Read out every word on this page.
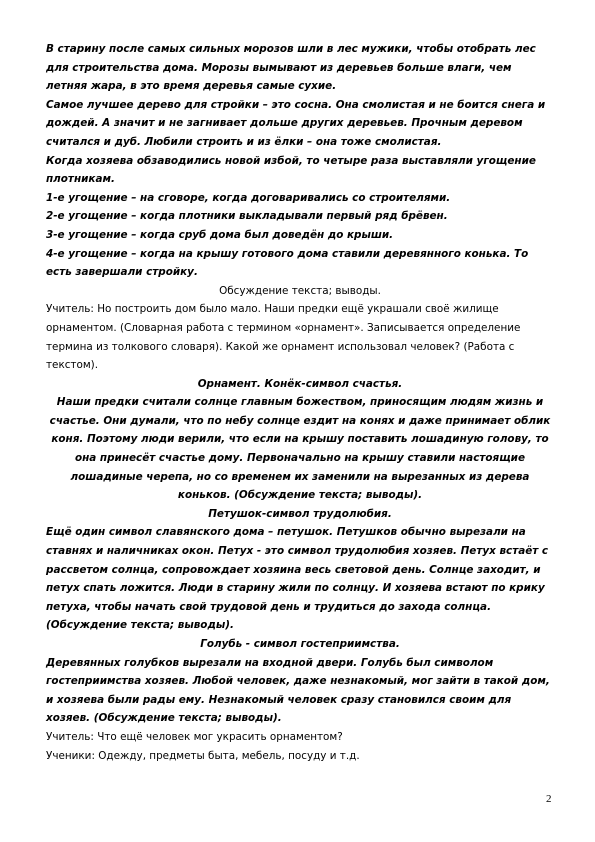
В старину после самых сильных морозов шли в лес мужики, чтобы отобрать лес для строительства дома. Морозы вымывают из деревьев больше влаги, чем летняя жара, в это время деревья самые сухие.

Самое лучшее дерево для стройки – это сосна. Она смолистая и не боится снега и дождей. А значит и не загнивает дольше других деревьев. Прочным деревом считался и дуб. Любили строить и из ёлки – она тоже смолистая.

Когда хозяева обзаводились новой избой, то четыре раза выставляли угощение плотникам.

1-е угощение – на сговоре, когда договаривались со строителями.

2-е угощение – когда плотники выкладывали первый ряд брёвен.

3-е угощение – когда сруб дома был доведён до крыши.

4-е угощение – когда на крышу готового дома ставили деревянного конька. То есть завершали стройку.

Обсуждение текста; выводы.

Учитель: Но построить дом было мало. Наши предки ещё украшали своё жилище орнаментом. (Словарная работа с термином «орнамент». Записывается определение термина из толкового словаря). Какой же орнамент использовал человек? (Работа с текстом).

Орнамент. Конёк-символ счастья.

Наши предки считали солнце главным божеством, приносящим людям жизнь и счастье. Они думали, что по небу солнце ездит на конях и даже принимает облик коня. Поэтому люди верили, что если на крышу поставить лошадиную голову, то она принесёт счастье дому. Первоначально на крышу ставили настоящие лошадиные черепа, но со временем их заменили на вырезанных из дерева коньков. (Обсуждение текста; выводы).

Петушок-символ трудолюбия.

Ещё один символ славянского дома – петушок. Петушков обычно вырезали на ставнях и наличниках окон. Петух - это символ трудолюбия хозяев. Петух встаёт с рассветом солнца, сопровождает хозяина весь световой день. Солнце заходит, и петух спать ложится. Люди в старину жили по солнцу. И хозяева встают по крику петуха, чтобы начать свой трудовой день и трудиться до захода солнца. (Обсуждение текста; выводы).

Голубь - символ гостеприимства.

Деревянных голубков вырезали на входной двери. Голубь был символом гостеприимства хозяев. Любой человек, даже незнакомый, мог зайти в такой дом, и хозяева были рады ему. Незнакомый человек сразу становился своим для хозяев. (Обсуждение текста; выводы).

Учитель: Что ещё человек мог украсить орнаментом?

Ученики: Одежду, предметы быта, мебель, посуду и т.д.

2
